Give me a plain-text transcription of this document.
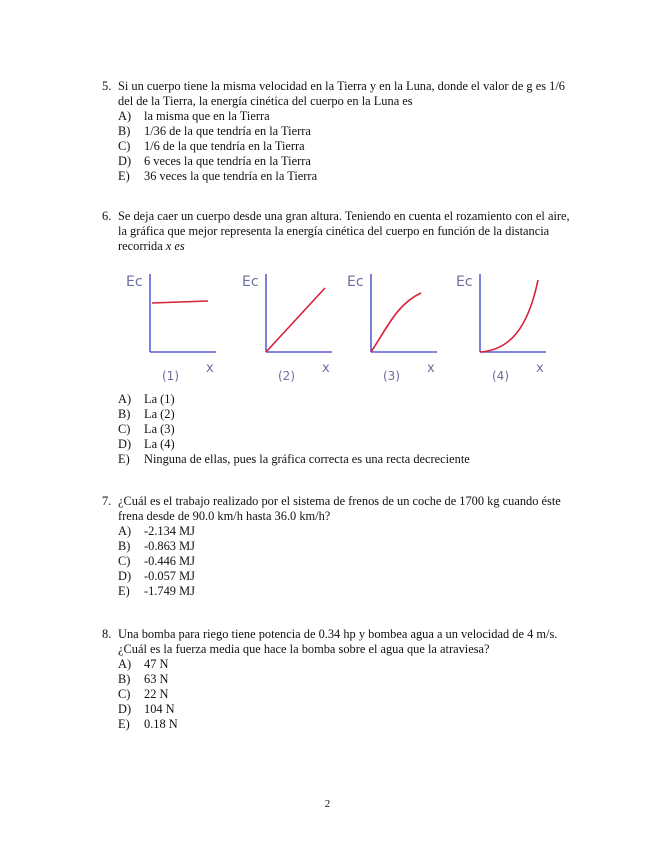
5. Si un cuerpo tiene la misma velocidad en la Tierra y en la Luna, donde el valor de g es 1/6 del de la Tierra, la energía cinética del cuerpo en la Luna es
A)	la misma que en la Tierra
B)	1/36 de la que tendría en la Tierra
C)	1/6 de la que tendría en la Tierra
D)	6 veces la que tendría en la Tierra
E)	36 veces la que tendría en la Tierra
6. Se deja caer un cuerpo desde una gran altura. Teniendo en cuenta el rozamiento con el aire, la gráfica que mejor representa la energía cinética del cuerpo en función de la distancia recorrida x es
Ec
x
(1)
Ec
x
(2)
Ec
x
(3)
Ec
x
(4)
A)	La (1)
B)	La (2)
C)	La (3)
D)	La (4)
E)	Ninguna de ellas, pues la gráfica correcta es una recta decreciente
7. ¿Cuál es el trabajo realizado por el sistema de frenos de un coche de 1700 kg cuando éste frena desde de 90.0 km/h hasta 36.0 km/h?
A)	-2.134 MJ
B)	-0.863 MJ
C)	-0.446 MJ
D)	-0.057 MJ
E)	-1.749 MJ
8. Una bomba para riego tiene potencia de 0.34 hp y bombea agua a un velocidad de 4 m/s. ¿Cuál es la fuerza media que hace la bomba sobre el agua que la atraviesa?
A)	47 N
B)	63 N
C)	22 N
D)	104 N
E)	0.18 N
2
